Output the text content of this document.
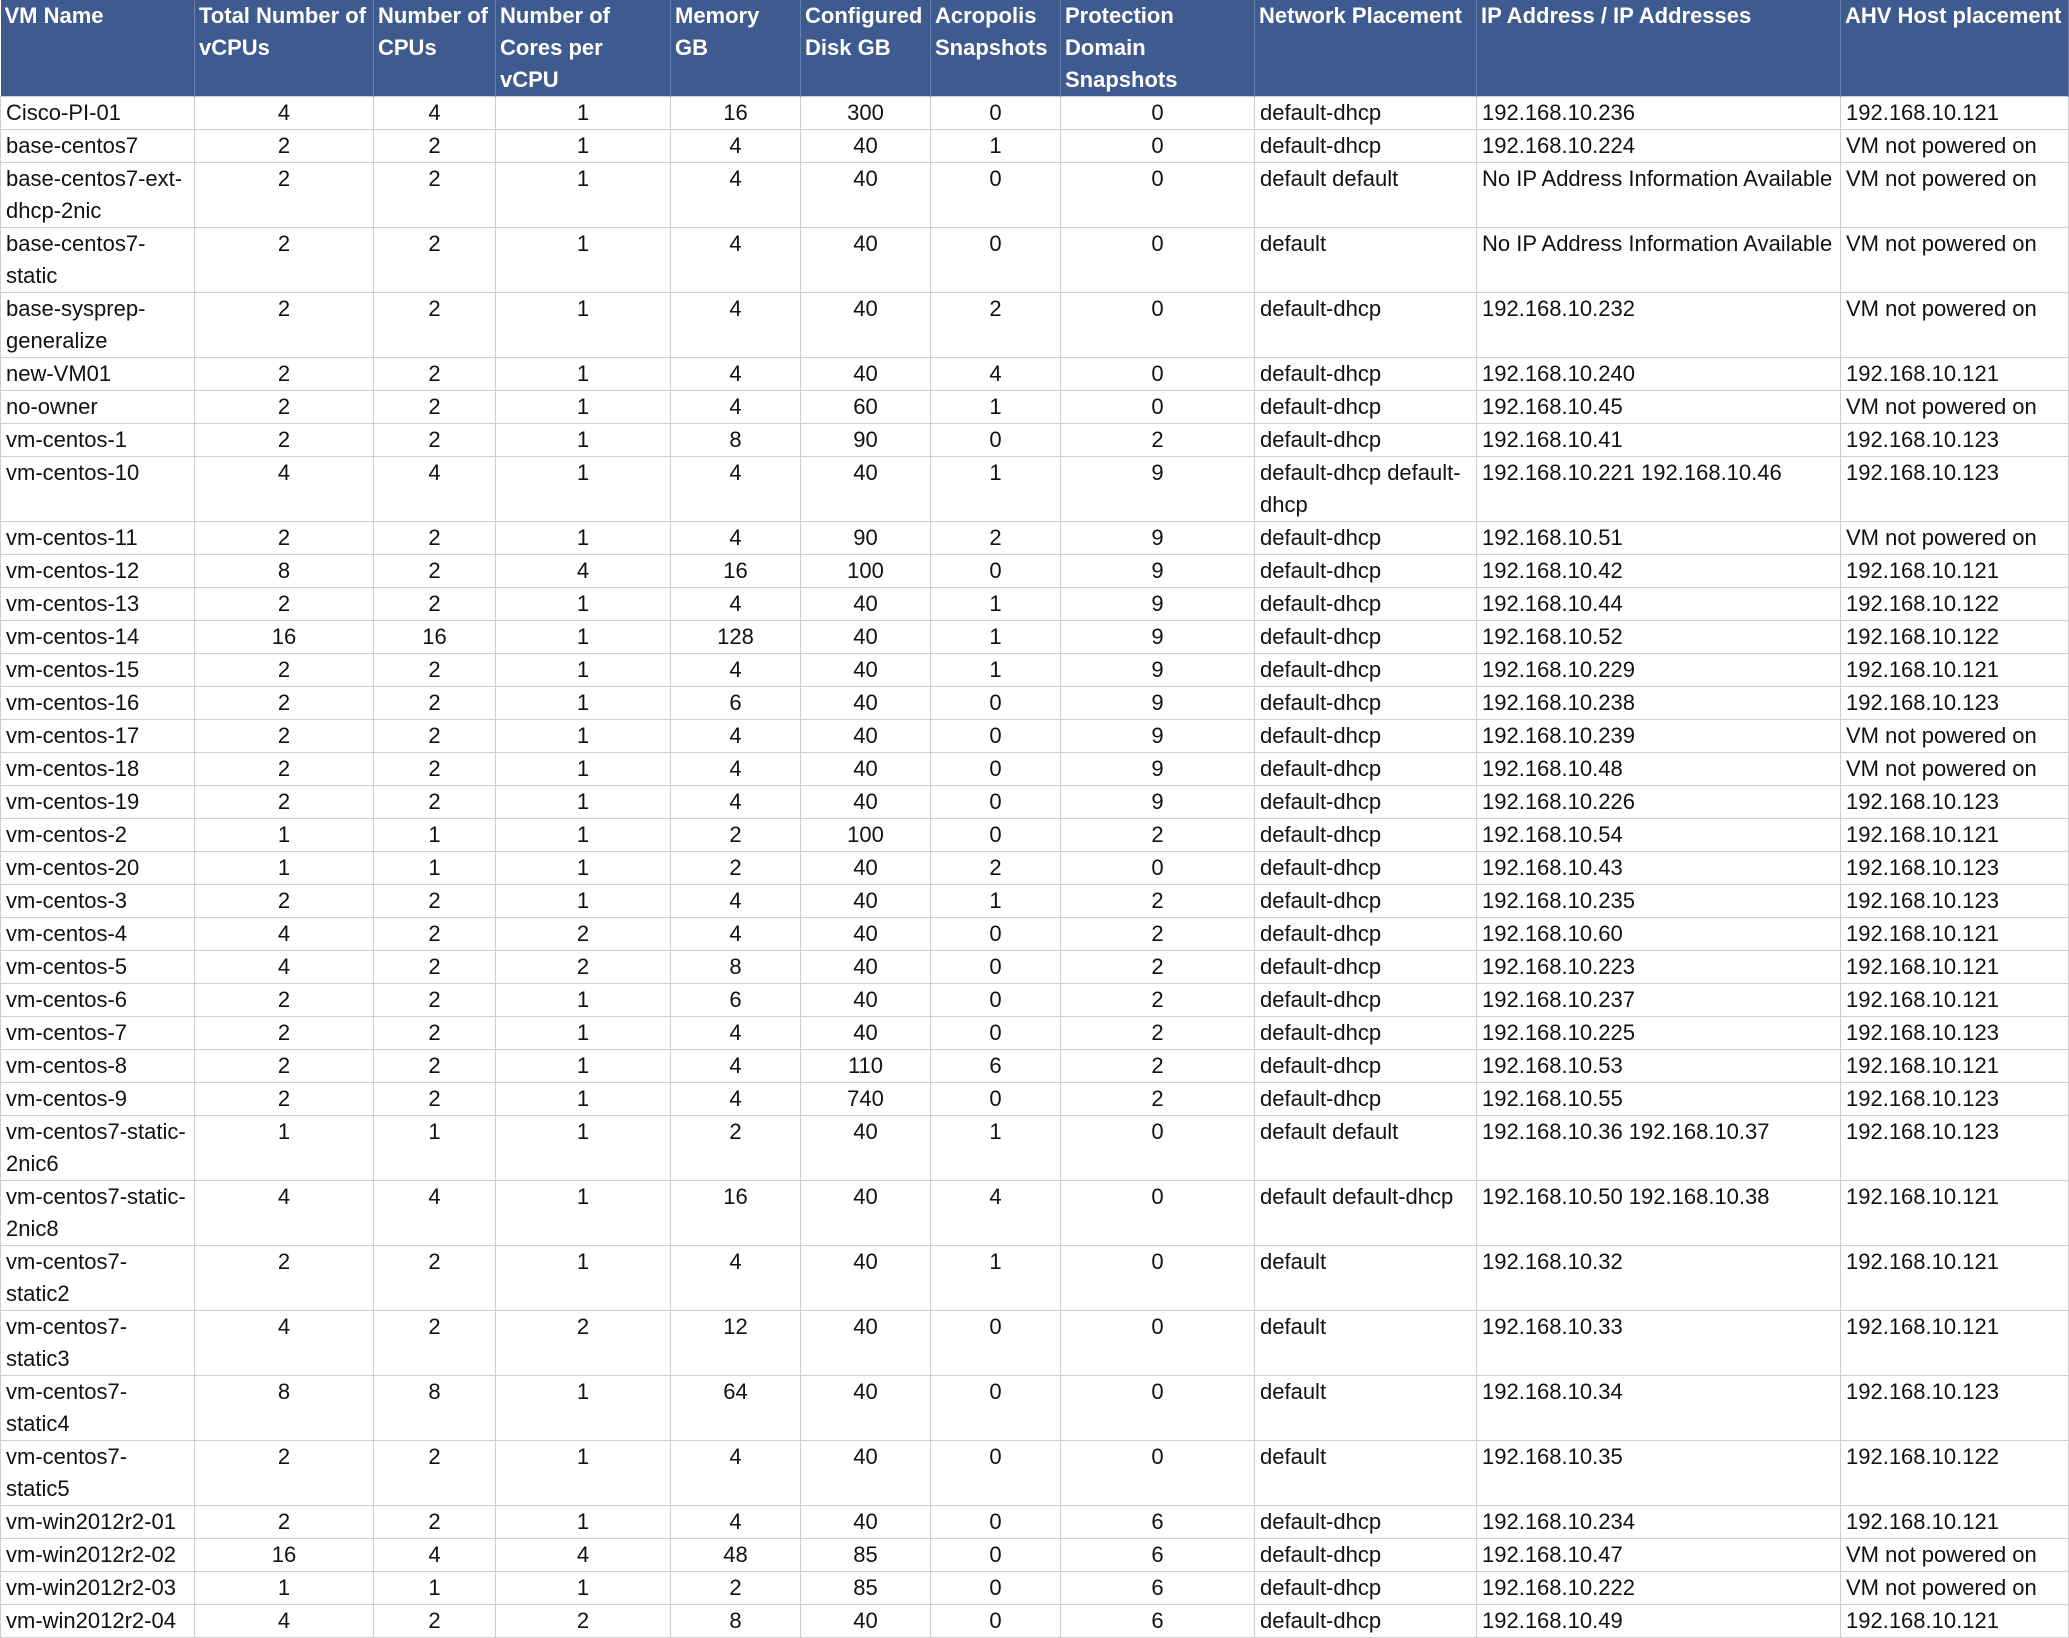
VM Name	Total Number of vCPUs	Number of CPUs	Number of Cores per vCPU	Memory GB	Configured Disk GB	Acropolis Snapshots	Protection Domain Snapshots	Network Placement	IP Address / IP Addresses	AHV Host placement
Cisco-PI-01	4	4	1	16	300	0	0	default-dhcp	192.168.10.236	192.168.10.121
base-centos7	2	2	1	4	40	1	0	default-dhcp	192.168.10.224	VM not powered on
base-centos7-ext-dhcp-2nic	2	2	1	4	40	0	0	default default	No IP Address Information Available	VM not powered on
base-centos7-static	2	2	1	4	40	0	0	default	No IP Address Information Available	VM not powered on
base-sysprep-generalize	2	2	1	4	40	2	0	default-dhcp	192.168.10.232	VM not powered on
new-VM01	2	2	1	4	40	4	0	default-dhcp	192.168.10.240	192.168.10.121
no-owner	2	2	1	4	60	1	0	default-dhcp	192.168.10.45	VM not powered on
vm-centos-1	2	2	1	8	90	0	2	default-dhcp	192.168.10.41	192.168.10.123
vm-centos-10	4	4	1	4	40	1	9	default-dhcp default-dhcp	192.168.10.221 192.168.10.46	192.168.10.123
vm-centos-11	2	2	1	4	90	2	9	default-dhcp	192.168.10.51	VM not powered on
vm-centos-12	8	2	4	16	100	0	9	default-dhcp	192.168.10.42	192.168.10.121
vm-centos-13	2	2	1	4	40	1	9	default-dhcp	192.168.10.44	192.168.10.122
vm-centos-14	16	16	1	128	40	1	9	default-dhcp	192.168.10.52	192.168.10.122
vm-centos-15	2	2	1	4	40	1	9	default-dhcp	192.168.10.229	192.168.10.121
vm-centos-16	2	2	1	6	40	0	9	default-dhcp	192.168.10.238	192.168.10.123
vm-centos-17	2	2	1	4	40	0	9	default-dhcp	192.168.10.239	VM not powered on
vm-centos-18	2	2	1	4	40	0	9	default-dhcp	192.168.10.48	VM not powered on
vm-centos-19	2	2	1	4	40	0	9	default-dhcp	192.168.10.226	192.168.10.123
vm-centos-2	1	1	1	2	100	0	2	default-dhcp	192.168.10.54	192.168.10.121
vm-centos-20	1	1	1	2	40	2	0	default-dhcp	192.168.10.43	192.168.10.123
vm-centos-3	2	2	1	4	40	1	2	default-dhcp	192.168.10.235	192.168.10.123
vm-centos-4	4	2	2	4	40	0	2	default-dhcp	192.168.10.60	192.168.10.121
vm-centos-5	4	2	2	8	40	0	2	default-dhcp	192.168.10.223	192.168.10.121
vm-centos-6	2	2	1	6	40	0	2	default-dhcp	192.168.10.237	192.168.10.121
vm-centos-7	2	2	1	4	40	0	2	default-dhcp	192.168.10.225	192.168.10.123
vm-centos-8	2	2	1	4	110	6	2	default-dhcp	192.168.10.53	192.168.10.121
vm-centos-9	2	2	1	4	740	0	2	default-dhcp	192.168.10.55	192.168.10.123
vm-centos7-static-2nic6	1	1	1	2	40	1	0	default default	192.168.10.36 192.168.10.37	192.168.10.123
vm-centos7-static-2nic8	4	4	1	16	40	4	0	default default-dhcp	192.168.10.50 192.168.10.38	192.168.10.121
vm-centos7-static2	2	2	1	4	40	1	0	default	192.168.10.32	192.168.10.121
vm-centos7-static3	4	2	2	12	40	0	0	default	192.168.10.33	192.168.10.121
vm-centos7-static4	8	8	1	64	40	0	0	default	192.168.10.34	192.168.10.123
vm-centos7-static5	2	2	1	4	40	0	0	default	192.168.10.35	192.168.10.122
vm-win2012r2-01	2	2	1	4	40	0	6	default-dhcp	192.168.10.234	192.168.10.121
vm-win2012r2-02	16	4	4	48	85	0	6	default-dhcp	192.168.10.47	VM not powered on
vm-win2012r2-03	1	1	1	2	85	0	6	default-dhcp	192.168.10.222	VM not powered on
vm-win2012r2-04	4	2	2	8	40	0	6	default-dhcp	192.168.10.49	192.168.10.121
